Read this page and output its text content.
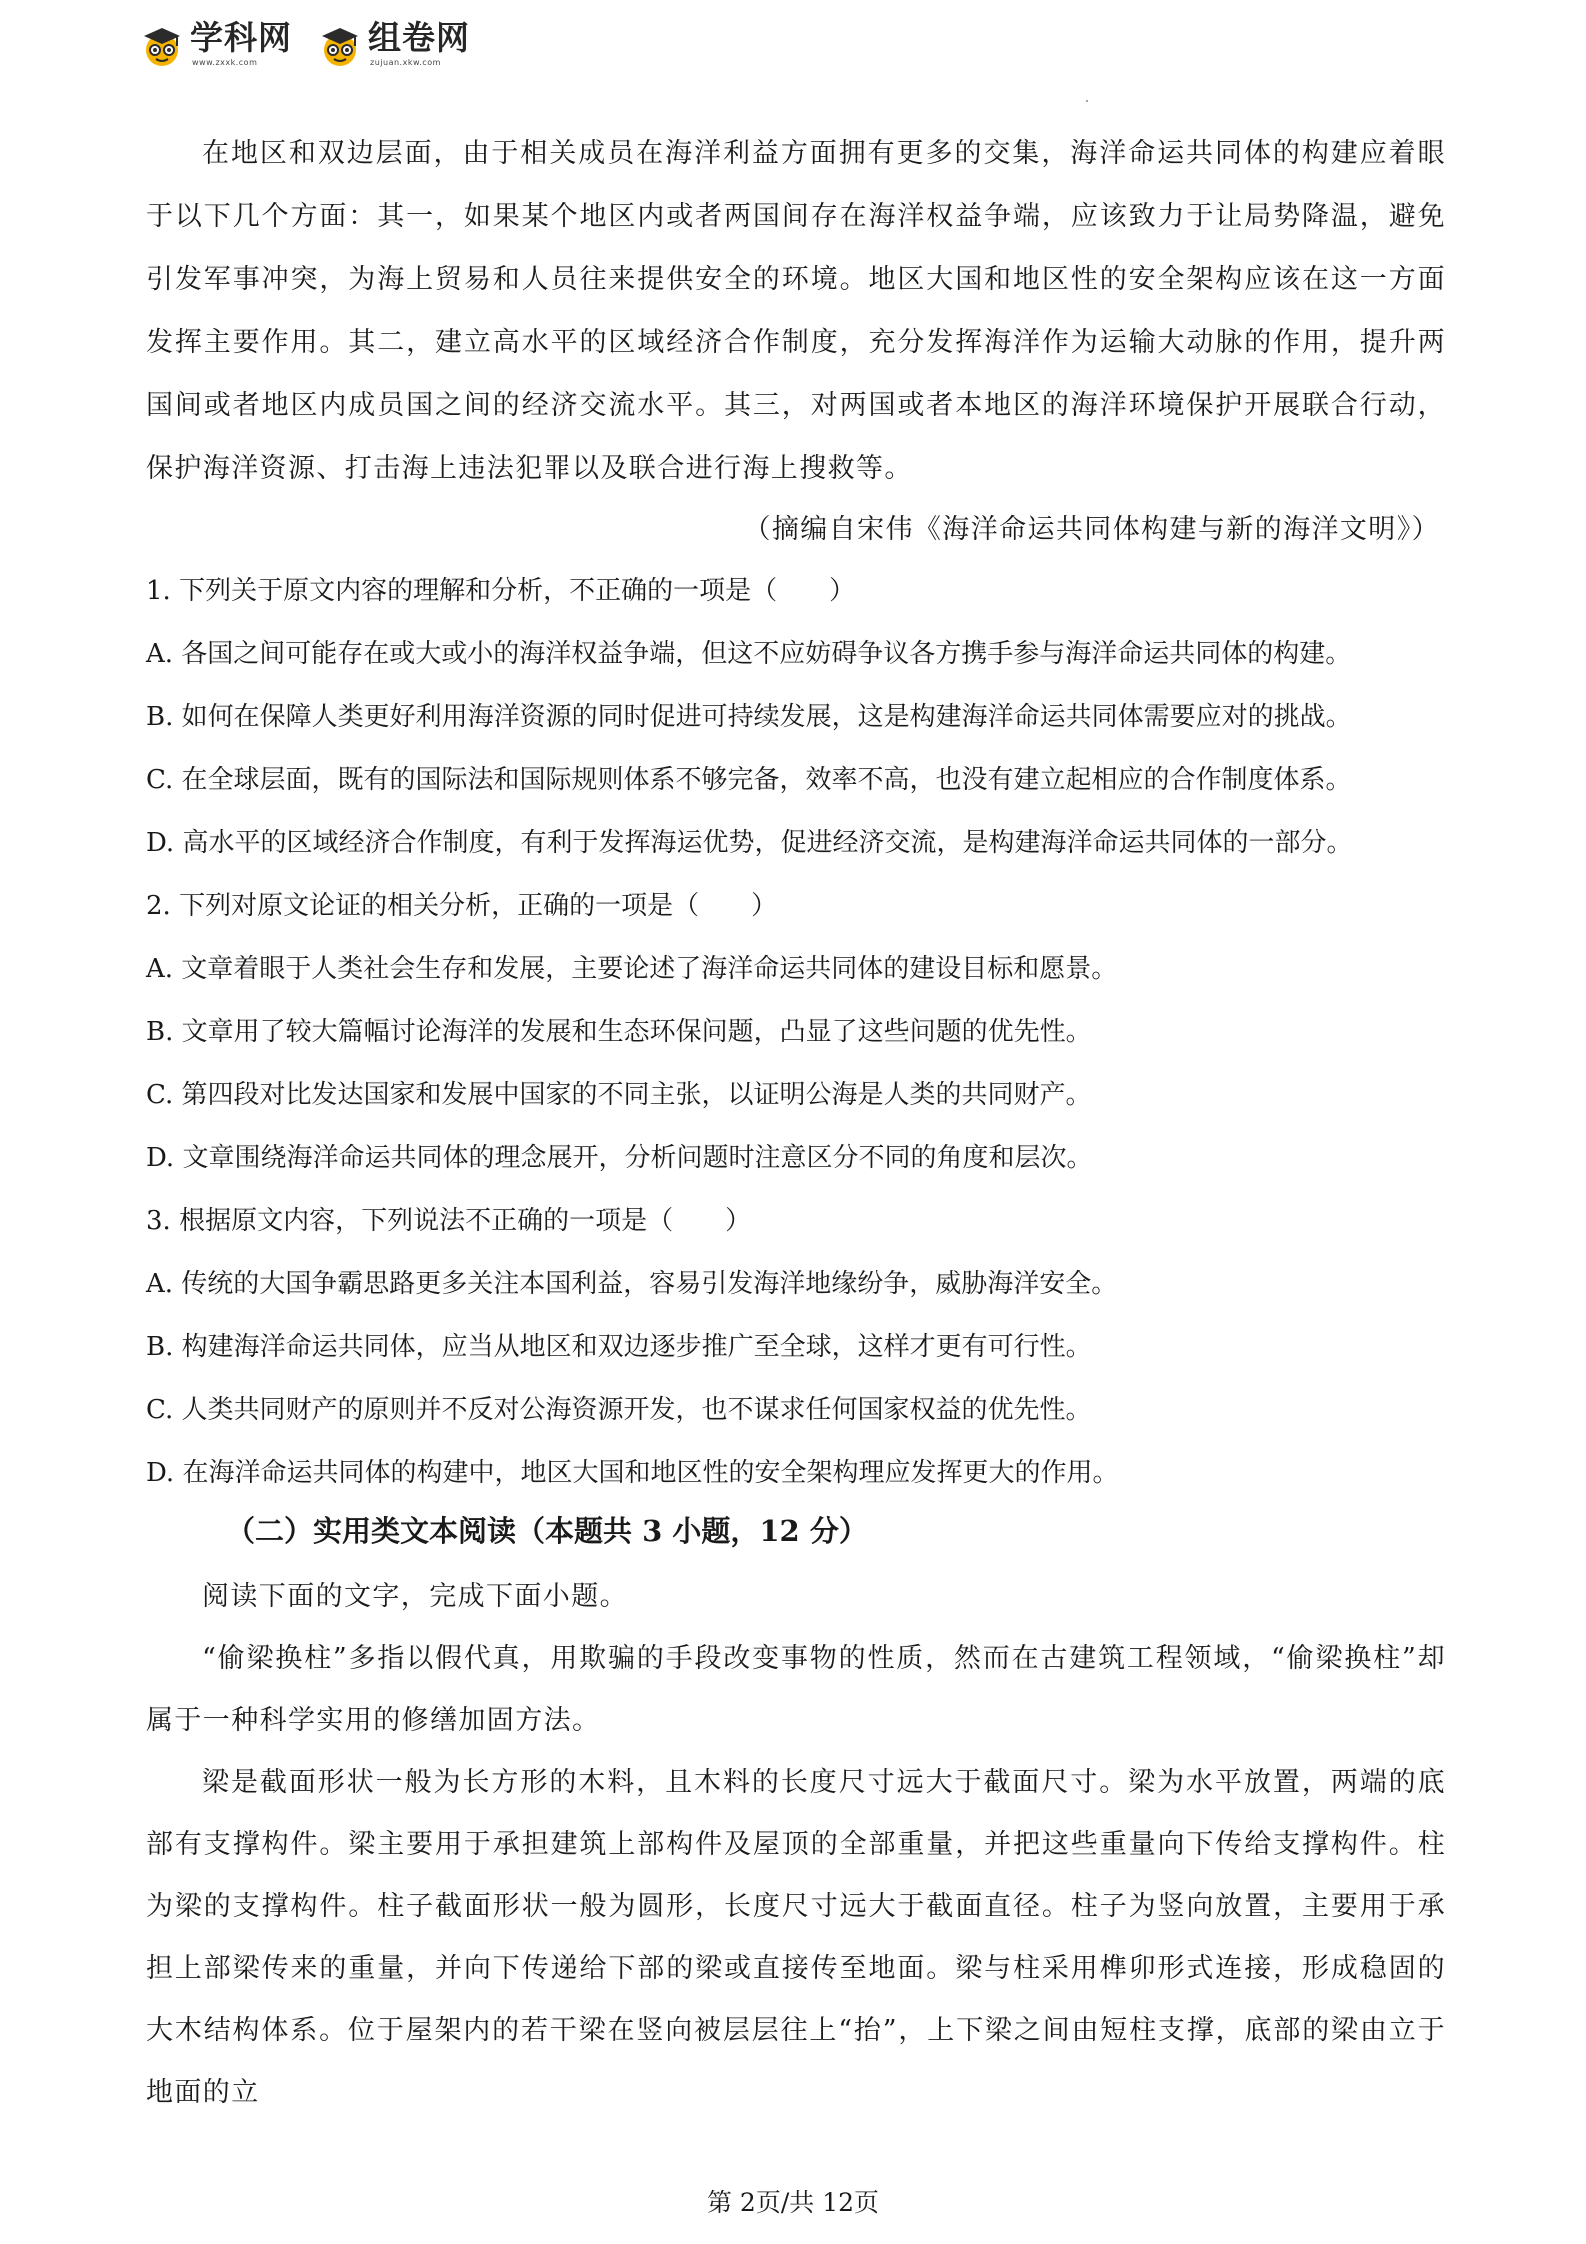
学科网
www.zxxk.com
组卷网
zujuan.xkw.com

在地区和双边层面，由于相关成员在海洋利益方面拥有更多的交集，海洋命运共同体的构建应着眼于以下几个方面：其一，如果某个地区内或者两国间存在海洋权益争端，应该致力于让局势降温，避免引发军事冲突，为海上贸易和人员往来提供安全的环境。地区大国和地区性的安全架构应该在这一方面发挥主要作用。其二，建立高水平的区域经济合作制度，充分发挥海洋作为运输大动脉的作用，提升两国间或者地区内成员国之间的经济交流水平。其三，对两国或者本地区的海洋环境保护开展联合行动，保护海洋资源、打击海上违法犯罪以及联合进行海上搜救等。

（摘编自宋伟《海洋命运共同体构建与新的海洋文明》）

1. 下列关于原文内容的理解和分析，不正确的一项是（　　）

A. 各国之间可能存在或大或小的海洋权益争端，但这不应妨碍争议各方携手参与海洋命运共同体的构建。

B. 如何在保障人类更好利用海洋资源的同时促进可持续发展，这是构建海洋命运共同体需要应对的挑战。

C. 在全球层面，既有的国际法和国际规则体系不够完备，效率不高，也没有建立起相应的合作制度体系。

D. 高水平的区域经济合作制度，有利于发挥海运优势，促进经济交流，是构建海洋命运共同体的一部分。

2. 下列对原文论证的相关分析，正确的一项是（　　）

A. 文章着眼于人类社会生存和发展，主要论述了海洋命运共同体的建设目标和愿景。

B. 文章用了较大篇幅讨论海洋的发展和生态环保问题，凸显了这些问题的优先性。

C. 第四段对比发达国家和发展中国家的不同主张，以证明公海是人类的共同财产。

D. 文章围绕海洋命运共同体的理念展开，分析问题时注意区分不同的角度和层次。

3. 根据原文内容，下列说法不正确的一项是（　　）

A. 传统的大国争霸思路更多关注本国利益，容易引发海洋地缘纷争，威胁海洋安全。

B. 构建海洋命运共同体，应当从地区和双边逐步推广至全球，这样才更有可行性。

C. 人类共同财产的原则并不反对公海资源开发，也不谋求任何国家权益的优先性。

D. 在海洋命运共同体的构建中，地区大国和地区性的安全架构理应发挥更大的作用。

（二）实用类文本阅读（本题共 3 小题，12 分）

阅读下面的文字，完成下面小题。

“偷梁换柱”多指以假代真，用欺骗的手段改变事物的性质，然而在古建筑工程领域，“偷梁换柱”却属于一种科学实用的修缮加固方法。

梁是截面形状一般为长方形的木料，且木料的长度尺寸远大于截面尺寸。梁为水平放置，两端的底部有支撑构件。梁主要用于承担建筑上部构件及屋顶的全部重量，并把这些重量向下传给支撑构件。柱为梁的支撑构件。柱子截面形状一般为圆形，长度尺寸远大于截面直径。柱子为竖向放置，主要用于承担上部梁传来的重量，并向下传递给下部的梁或直接传至地面。梁与柱采用榫卯形式连接，形成稳固的大木结构体系。位于屋架内的若干梁在竖向被层层往上“抬”，上下梁之间由短柱支撑，底部的梁由立于地面的立

第 2页/共 12页
